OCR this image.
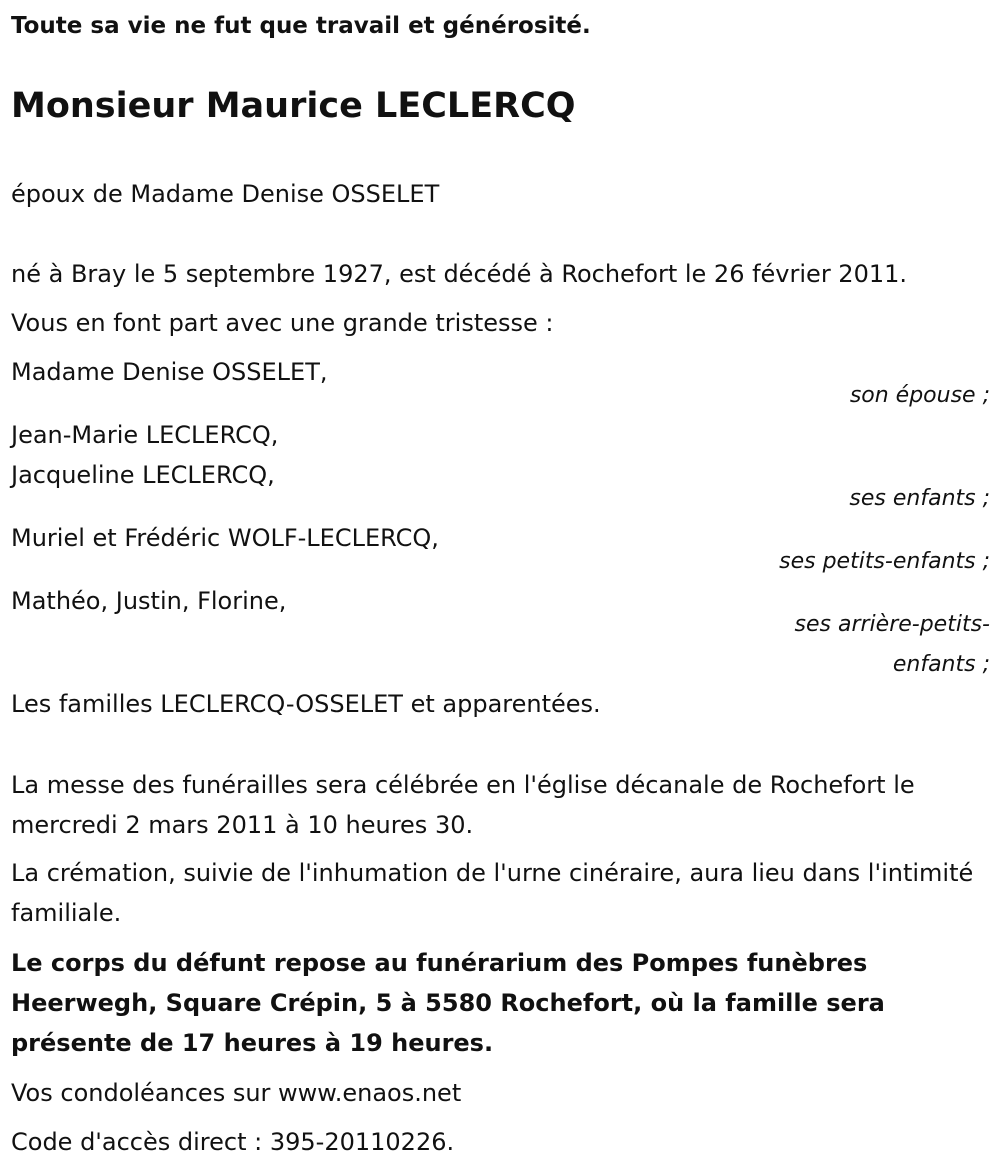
Toute sa vie ne fut que travail et générosité.
Monsieur Maurice LECLERCQ
époux de Madame Denise OSSELET
né à Bray le 5 septembre 1927, est décédé à Rochefort le 26 février 2011.
Vous en font part avec une grande tristesse :
Madame Denise OSSELET,
son épouse ;
Jean-Marie LECLERCQ,
Jacqueline LECLERCQ,
ses enfants ;
Muriel et Frédéric WOLF-LECLERCQ,
ses petits-enfants ;
Mathéo, Justin, Florine,
ses arrière-petits-
enfants ;
Les familles LECLERCQ-OSSELET et apparentées.
La messe des funérailles sera célébrée en l'église décanale de Rochefort le mercredi 2 mars 2011 à 10 heures 30.
La crémation, suivie de l'inhumation de l'urne cinéraire, aura lieu dans l'intimité familiale.
Le corps du défunt repose au funérarium des Pompes funèbres Heerwegh, Square Crépin, 5 à 5580 Rochefort, où la famille sera présente de 17 heures à 19 heures.
Vos condoléances sur www.enaos.net
Code d'accès direct : 395-20110226.
